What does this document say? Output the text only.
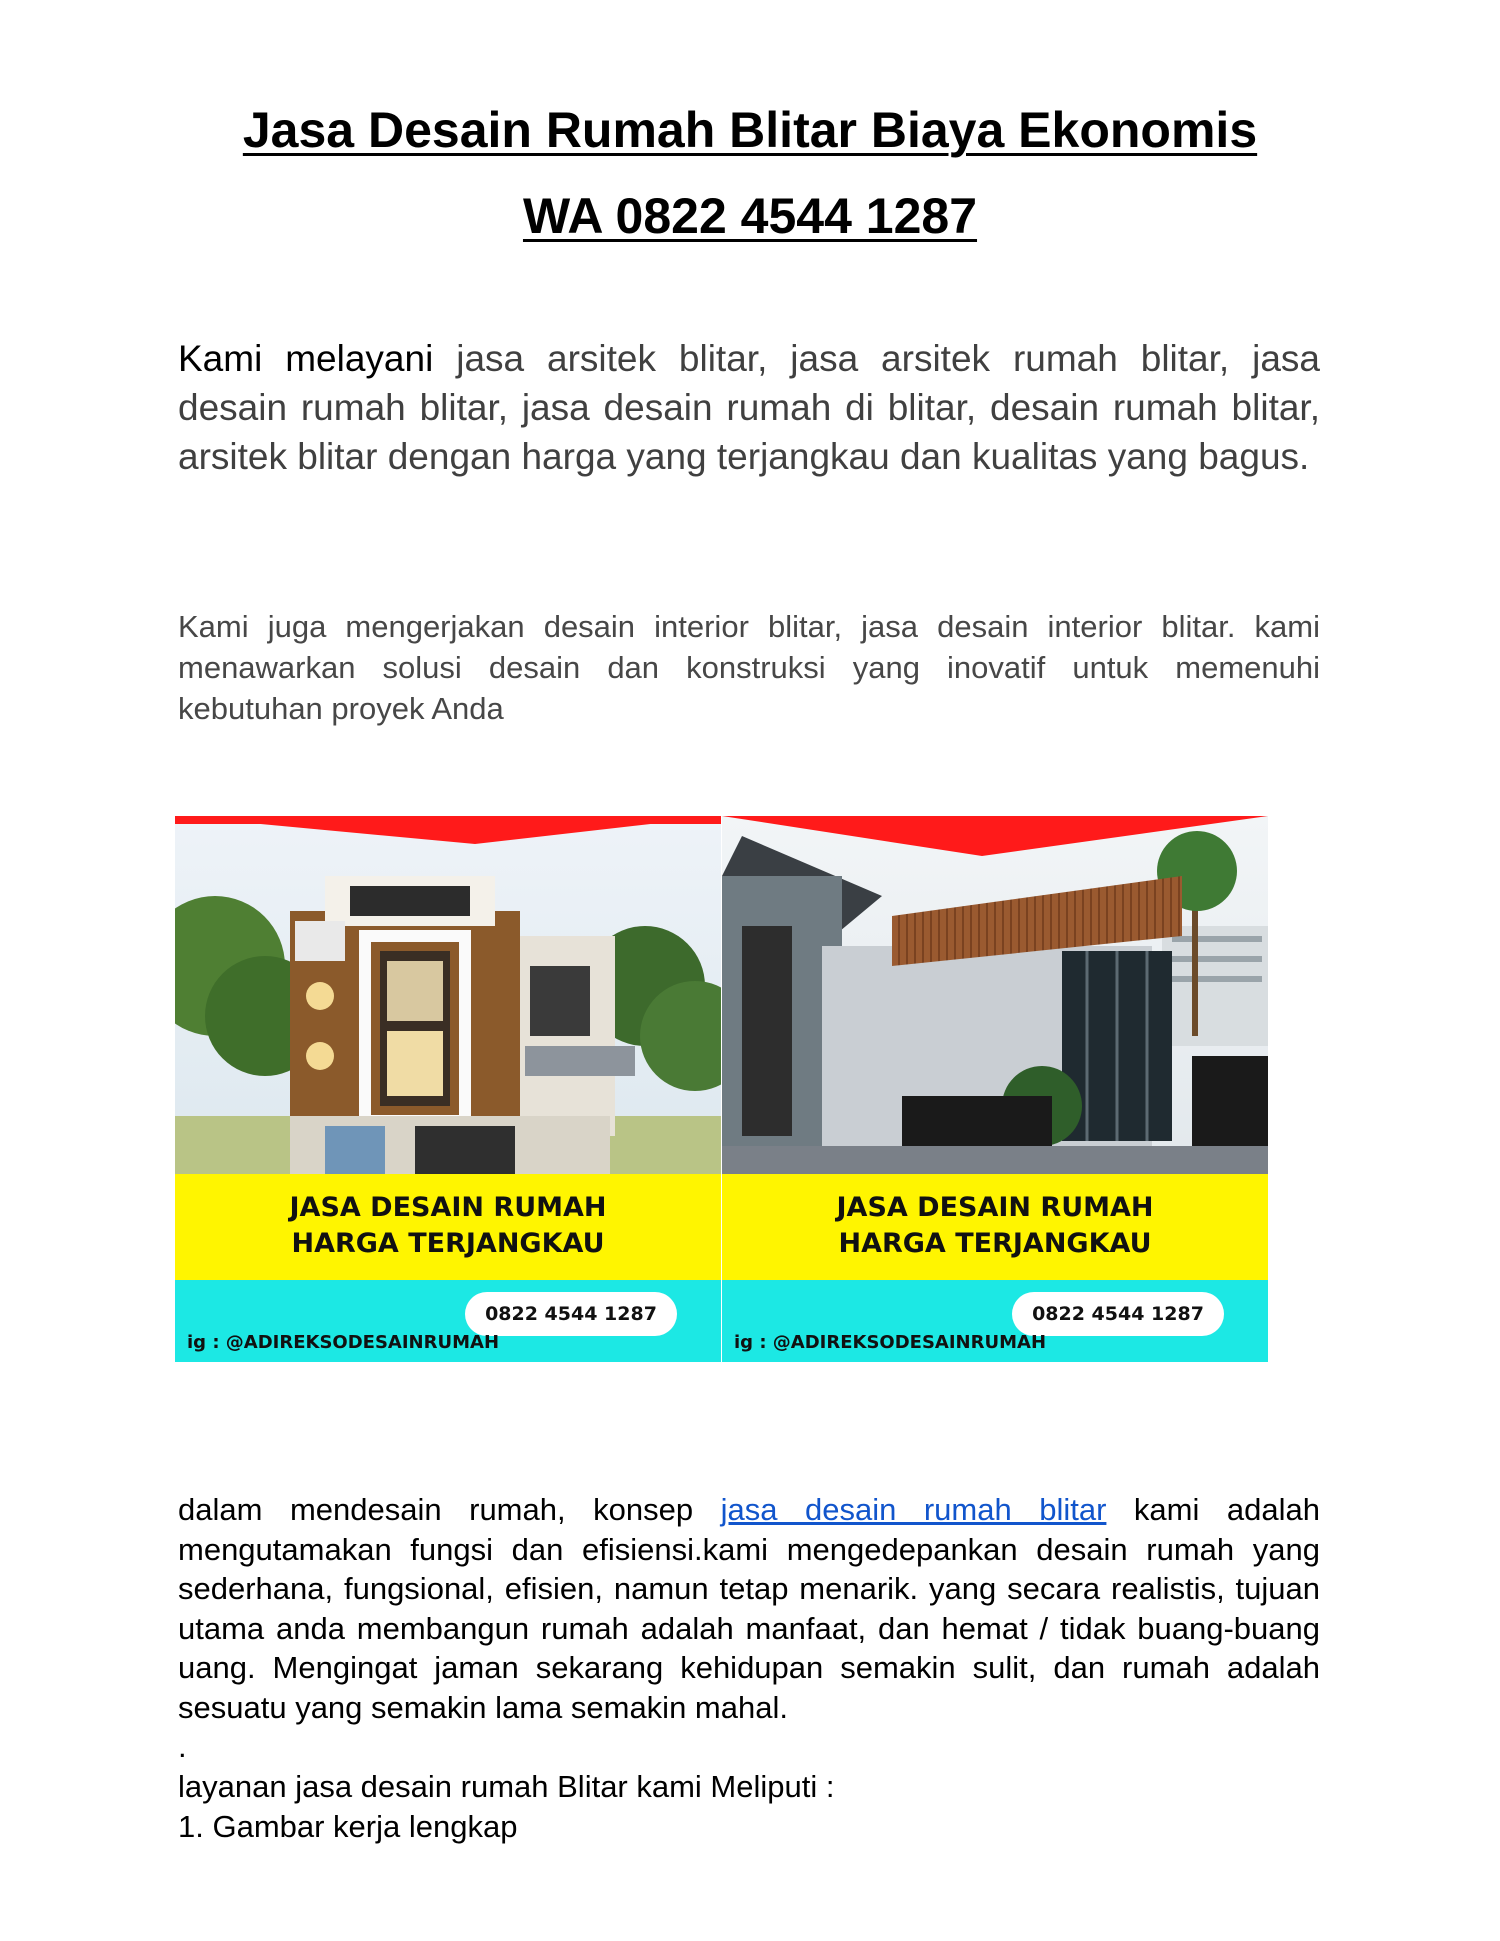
Jasa Desain Rumah Blitar Biaya Ekonomis
WA 0822 4544 1287

Kami melayani jasa arsitek blitar, jasa arsitek rumah blitar, jasa desain rumah blitar, jasa desain rumah di blitar, desain rumah blitar, arsitek blitar dengan harga yang terjangkau dan kualitas yang bagus.

Kami juga mengerjakan desain interior blitar, jasa desain interior blitar. kami menawarkan solusi desain dan konstruksi yang inovatif untuk memenuhi kebutuhan proyek Anda

JASA DESAIN RUMAH
HARGA TERJANGKAU
0822 4544 1287
ig : @ADIREKSODESAINRUMAH
JASA DESAIN RUMAH
HARGA TERJANGKAU
0822 4544 1287
ig : @ADIREKSODESAINRUMAH

dalam mendesain rumah, konsep jasa desain rumah blitar kami adalah mengutamakan fungsi dan efisiensi.kami mengedepankan desain rumah yang sederhana, fungsional, efisien, namun tetap menarik. yang secara realistis, tujuan utama anda membangun rumah adalah manfaat, dan hemat / tidak buang-buang uang. Mengingat jaman sekarang kehidupan semakin sulit, dan rumah adalah sesuatu yang semakin lama semakin mahal.

.
layanan jasa desain rumah Blitar kami Meliputi :
1. Gambar kerja lengkap
